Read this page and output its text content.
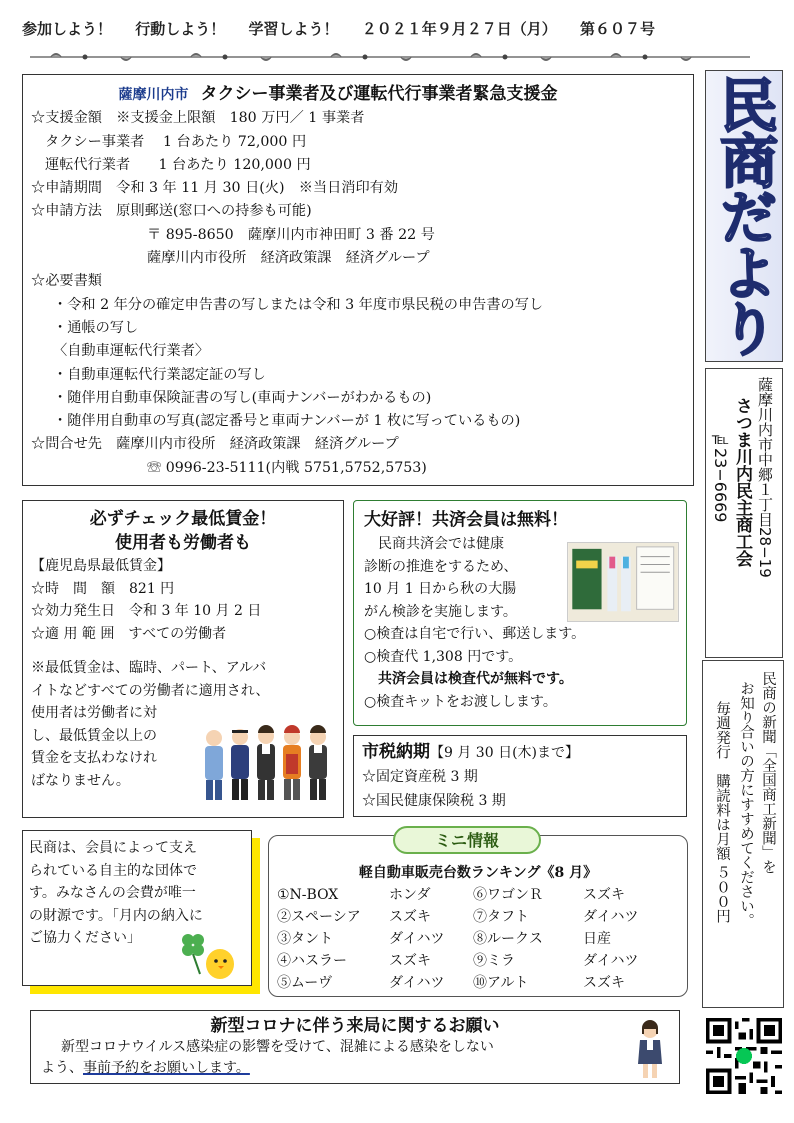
参加しよう！ 行動しよう！ 学習しよう！ ２０２１年９月２７日（月） 第６０７号
薩摩川内市 タクシー事業者及び運転代行事業者緊急支援金
☆支援金額　※支援金上限額　180 万円／ 1 事業者
タクシー事業者　 1 台あたり 72,000 円
運転代行業者　　1 台あたり 120,000 円
☆申請期間　令和 3 年 11 月 30 日(火)　※当日消印有効
☆申請方法　原則郵送(窓口への持参も可能)
〒 895-8650　薩摩川内市神田町 3 番 22 号
薩摩川内市役所　経済政策課　経済グループ
☆必要書類
・令和 2 年分の確定申告書の写しまたは令和 3 年度市県民税の申告書の写し
・通帳の写し
〈自動車運転代行業者〉
・自動車運転代行業認定証の写し
・随伴用自動車保険証書の写し(車両ナンバーがわかるもの)
・随伴用自動車の写真(認定番号と車両ナンバーが 1 枚に写っているもの)
☆問合せ先　薩摩川内市役所　経済政策課　経済グループ
☏ 0996-23-5111(内戦 5751,5752,5753)
民商だより
薩摩川内市中郷１丁目28−19
さつま川内民主商工会
℡23−6669
民商の新聞「全国商工新聞」を
お知り合いの方にすすめてください。
毎週発行　購読料は月額 ５００円
必ずチェック最低賃金！
使用者も労働者も
【鹿児島県最低賃金】
☆時　間　額　821 円
☆効力発生日　令和 3 年 10 月 2 日
☆適 用 範 囲　すべての労働者
※最低賃金は、臨時、パート、アルバ
イトなどすべての労働者に適用され、
使用者は労働者に対
し、最低賃金以上の
賃金を支払わなけれ
ばなりません。
大好評！共済会員は無料！
民商共済会では健康
診断の推進をするため、
10 月 1 日から秋の大腸
がん検診を実施します。
○検査は自宅で行い、郵送します。
○検査代 1,308 円です。
共済会員は検査代が無料です。
○検査キットをお渡しします。
市税納期【9 月 30 日(木)まで】
☆固定資産税 3 期
☆国民健康保険税 3 期
民商は、会員によって支え
られている自主的な団体で
す。みなさんの会費が唯一
の財源です。「月内の納入に
ご協力ください」
軽自動車販売台数ランキング《8 月》
①N-BOX	ホンダ	⑥ワゴンＲ	スズキ
②スペーシア	スズキ	⑦タフト	ダイハツ
③タント	ダイハツ	⑧ルークス	日産
④ハスラー	スズキ	⑨ミラ	ダイハツ
⑤ムーヴ	ダイハツ	⑩アルト	スズキ
ミニ情報
新型コロナに伴う来局に関するお願い
新型コロナウイルス感染症の影響を受けて、混雑による感染をしない
よう、事前予約をお願いします。
